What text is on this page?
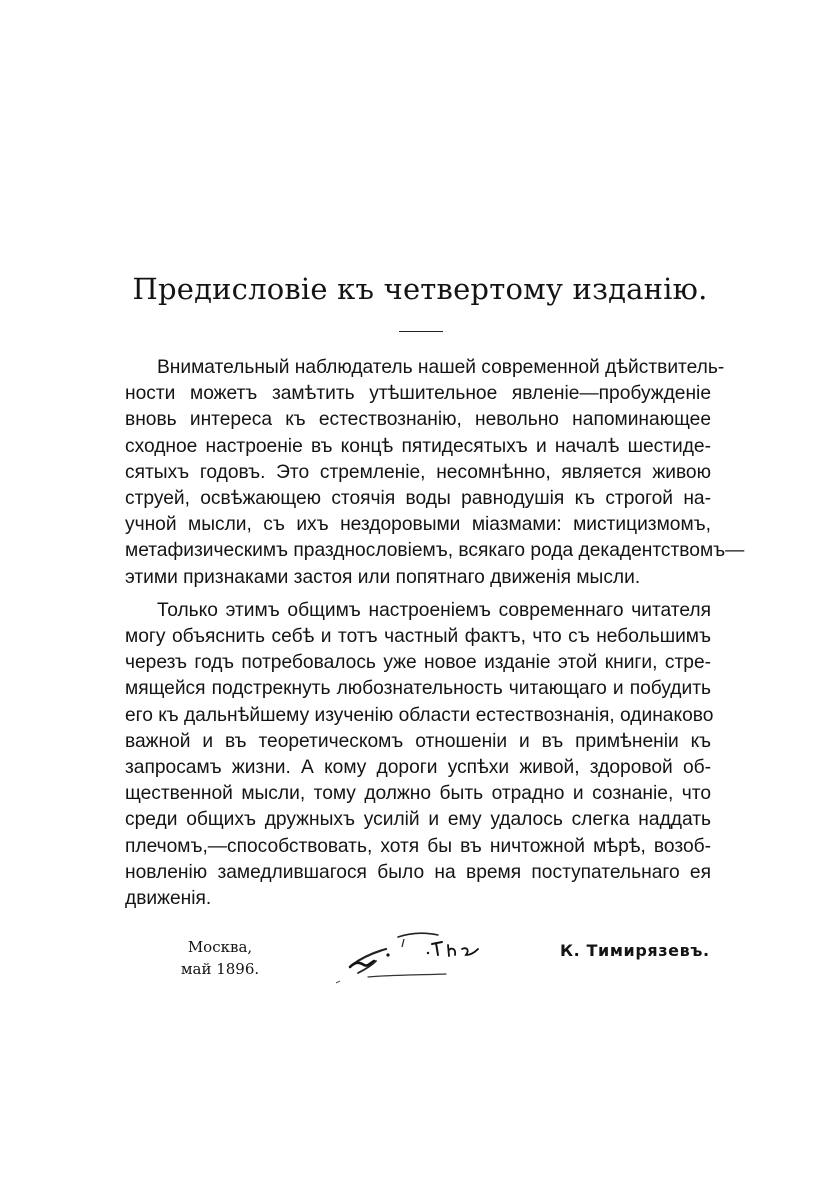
Предисловіе къ четвертому изданію.

Внимательный наблюдатель нашей современной дѣйствитель-
ности можетъ замѣтить утѣшительное явленіе—пробужденіе
вновь интереса къ естествознанію, невольно напоминающее
сходное настроеніе въ концѣ пятидесятыхъ и началѣ шестиде-
сятыхъ годовъ. Это стремленіе, несомнѣнно, является живою
струей, освѣжающею стоячія воды равнодушія къ строгой на-
учной мысли, съ ихъ нездоровыми міазмами: мистицизмомъ,
метафизическимъ празднословіемъ, всякаго рода декадентствомъ—
этими признаками застоя или попятнаго движенія мысли.

Только этимъ общимъ настроеніемъ современнаго читателя
могу объяснить себѣ и тотъ частный фактъ, что съ небольшимъ
черезъ годъ потребовалось уже новое изданіе этой книги, стре-
мящейся подстрекнуть любознательность читающаго и побудить
его къ дальнѣйшему изученію области естествознанія, одинаково
важной и въ теоретическомъ отношеніи и въ примѣненіи къ
запросамъ жизни. А кому дороги успѣхи живой, здоровой об-
щественной мысли, тому должно быть отрадно и сознаніе, что
среди общихъ дружныхъ усилій и ему удалось слегка наддать
плечомъ,—способствовать, хотя бы въ ничтожной мѣрѣ, возоб-
новленію замедлившагося было на время поступательнаго ея
движенія.

Москва,
май 1896.
К. Тимирязевъ.
